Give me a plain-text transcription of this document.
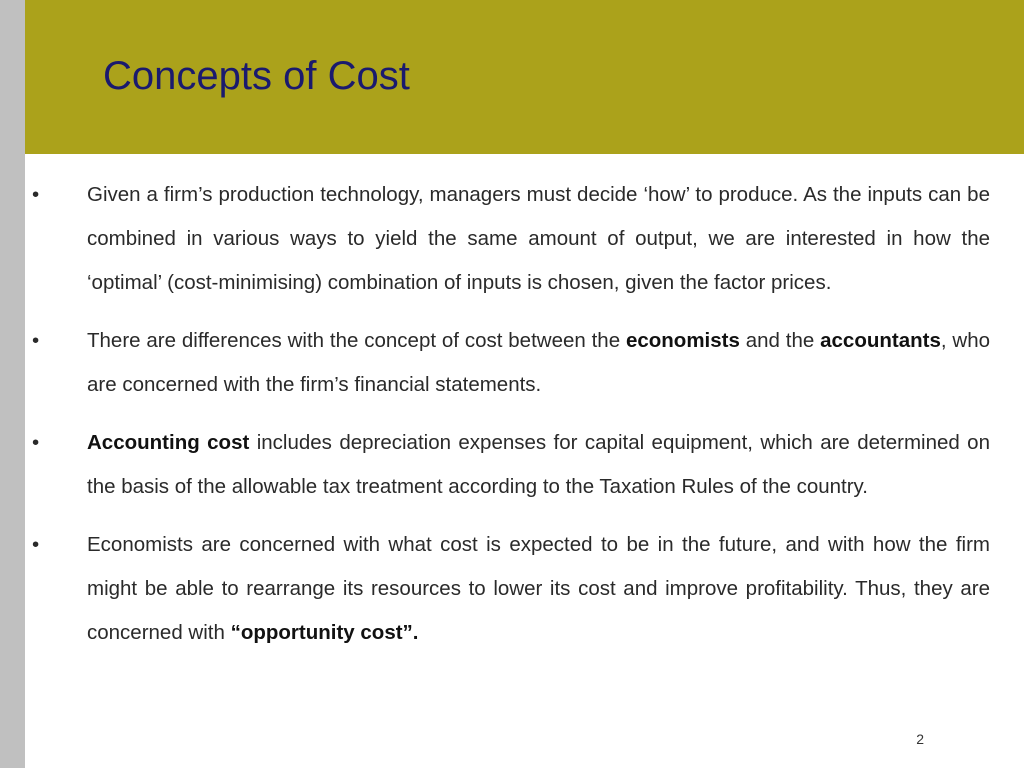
Concepts of Cost
• Given a firm’s production technology, managers must decide ‘how’ to produce. As the inputs can be combined in various ways to yield the same amount of output, we are interested in how the ‘optimal’ (cost-minimising) combination of inputs is chosen, given the factor prices.
• There are differences with the concept of cost between the economists and the accountants, who are concerned with the firm’s financial statements.
• Accounting cost includes depreciation expenses for capital equipment, which are determined on the basis of the allowable tax treatment according to the Taxation Rules of the country.
• Economists are concerned with what cost is expected to be in the future, and with how the firm might be able to rearrange its resources to lower its cost and improve profitability. Thus, they are concerned with “opportunity cost”.
2
